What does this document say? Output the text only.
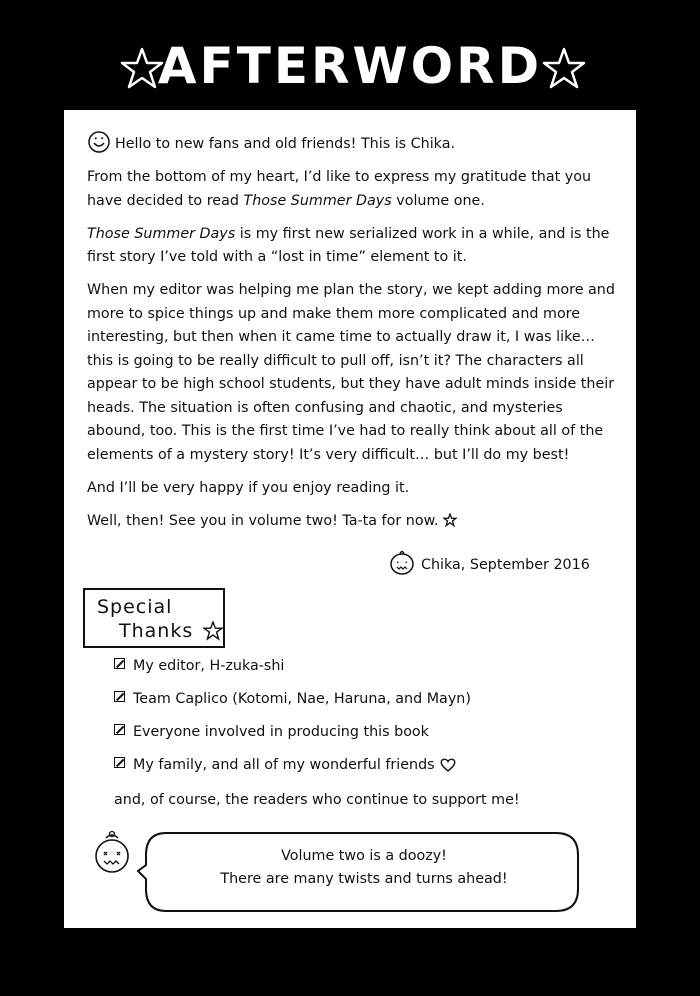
AFTERWORD

Hello to new fans and old friends! This is Chika.

From the bottom of my heart, I’d like to express my gratitude that you have decided to read Those Summer Days volume one.

Those Summer Days is my first new serialized work in a while, and is the first story I’ve told with a “lost in time” element to it.

When my editor was helping me plan the story, we kept adding more and more to spice things up and make them more complicated and more interesting, but then when it came time to actually draw it, I was like… this is going to be really difficult to pull off, isn’t it? The characters all appear to be high school students, but they have adult minds inside their heads. The situation is often confusing and chaotic, and mysteries abound, too. This is the first time I’ve had to really think about all of the elements of a mystery story! It’s very difficult… but I’ll do my best!

And I’ll be very happy if you enjoy reading it.

Well, then! See you in volume two! Ta-ta for now.

Chika, September 2016
Special
Thanks
My editor, H-zuka-shi
Team Caplico (Kotomi, Nae, Haruna, and Mayn)
Everyone involved in producing this book
My family, and all of my wonderful friends
and, of course, the readers who continue to support me!
Volume two is a doozy!
There are many twists and turns ahead!
